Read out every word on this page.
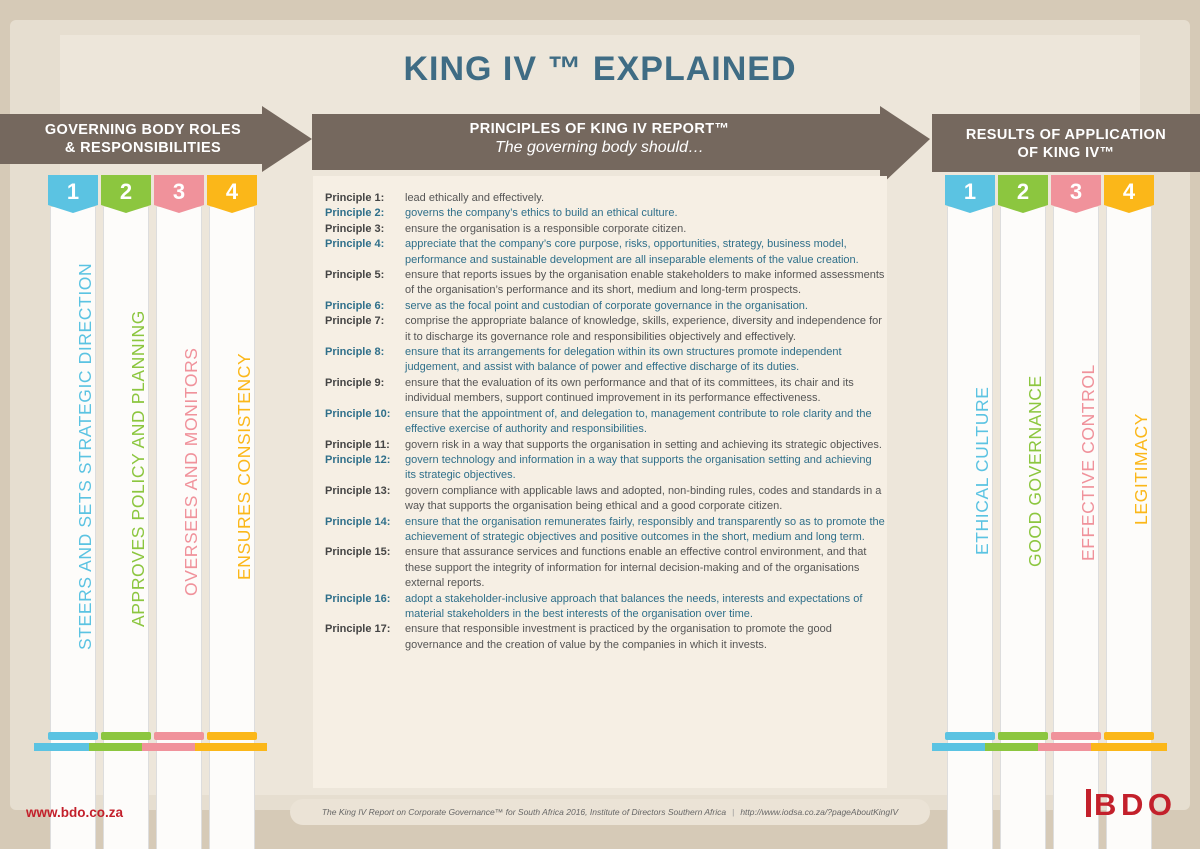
KING IV ™ EXPLAINED
GOVERNING BODY ROLES
& RESPONSIBILITIES
PRINCIPLES OF KING IV REPORT™
The governing body should…
RESULTS OF APPLICATION
OF KING IV™
1
STEERS AND SETS STRATEGIC DIRECTION
2
APPROVES POLICY AND PLANNING
3
OVERSEES AND MONITORS
4
ENSURES CONSISTENCY
Principle 1:	lead ethically and effectively.
Principle 2:	governs the company’s ethics to build an ethical culture.
Principle 3:	ensure the organisation is a responsible corporate citizen.
Principle 4:	appreciate that the company’s core purpose, risks, opportunities, strategy, business model, performance and sustainable development are all inseparable elements of the value creation.
Principle 5:	ensure that reports issues by the organisation enable stakeholders to make informed assessments of the organisation’s performance and its short, medium and long-term prospects.
Principle 6:	serve as the focal point and custodian of corporate governance in the organisation.
Principle 7:	comprise the appropriate balance of knowledge, skills, experience, diversity and independence for it to discharge its governance role and responsibilities objectively and effectively.
Principle 8:	ensure that its arrangements for delegation within its own structures promote independent judgement, and assist with balance of power and effective discharge of its duties.
Principle 9:	ensure that the evaluation of its own performance and that of its committees, its chair and its individual members, support continued improvement in its performance effectiveness.
Principle 10:	ensure that the appointment of, and delegation to, management contribute to role clarity and the effective exercise of authority and responsibilities.
Principle 11:	govern risk in a way that supports the organisation in setting and achieving its strategic objectives.
Principle 12:	govern technology and information in a way that supports the organisation setting and achieving its strategic objectives.
Principle 13:	govern compliance with applicable laws and adopted, non-binding rules, codes and standards in a way that supports the organisation being ethical and a good corporate citizen.
Principle 14:	ensure that the organisation remunerates fairly, responsibly and transparently so as to promote the achievement of strategic objectives and positive outcomes in the short, medium and long term.
Principle 15:	ensure that assurance services and functions enable an effective control environment, and that these support the integrity of information for internal decision-making and of the organisations external reports.
Principle 16:	adopt a stakeholder-inclusive approach that balances the needs, interests and expectations of material stakeholders in the best interests of the organisation over time.
Principle 17:	ensure that responsible investment is practiced by the organisation to promote the good governance and the creation of value by the companies in which it invests.
1
ETHICAL CULTURE
2
GOOD GOVERNANCE
3
EFFECTIVE CONTROL
4
LEGITIMACY
www.bdo.co.za	The King IV Report on Corporate Governance™ for South Africa 2016, Institute of Directors Southern Africa | http://www.iodsa.co.za/?pageAboutKingIV	BDO
